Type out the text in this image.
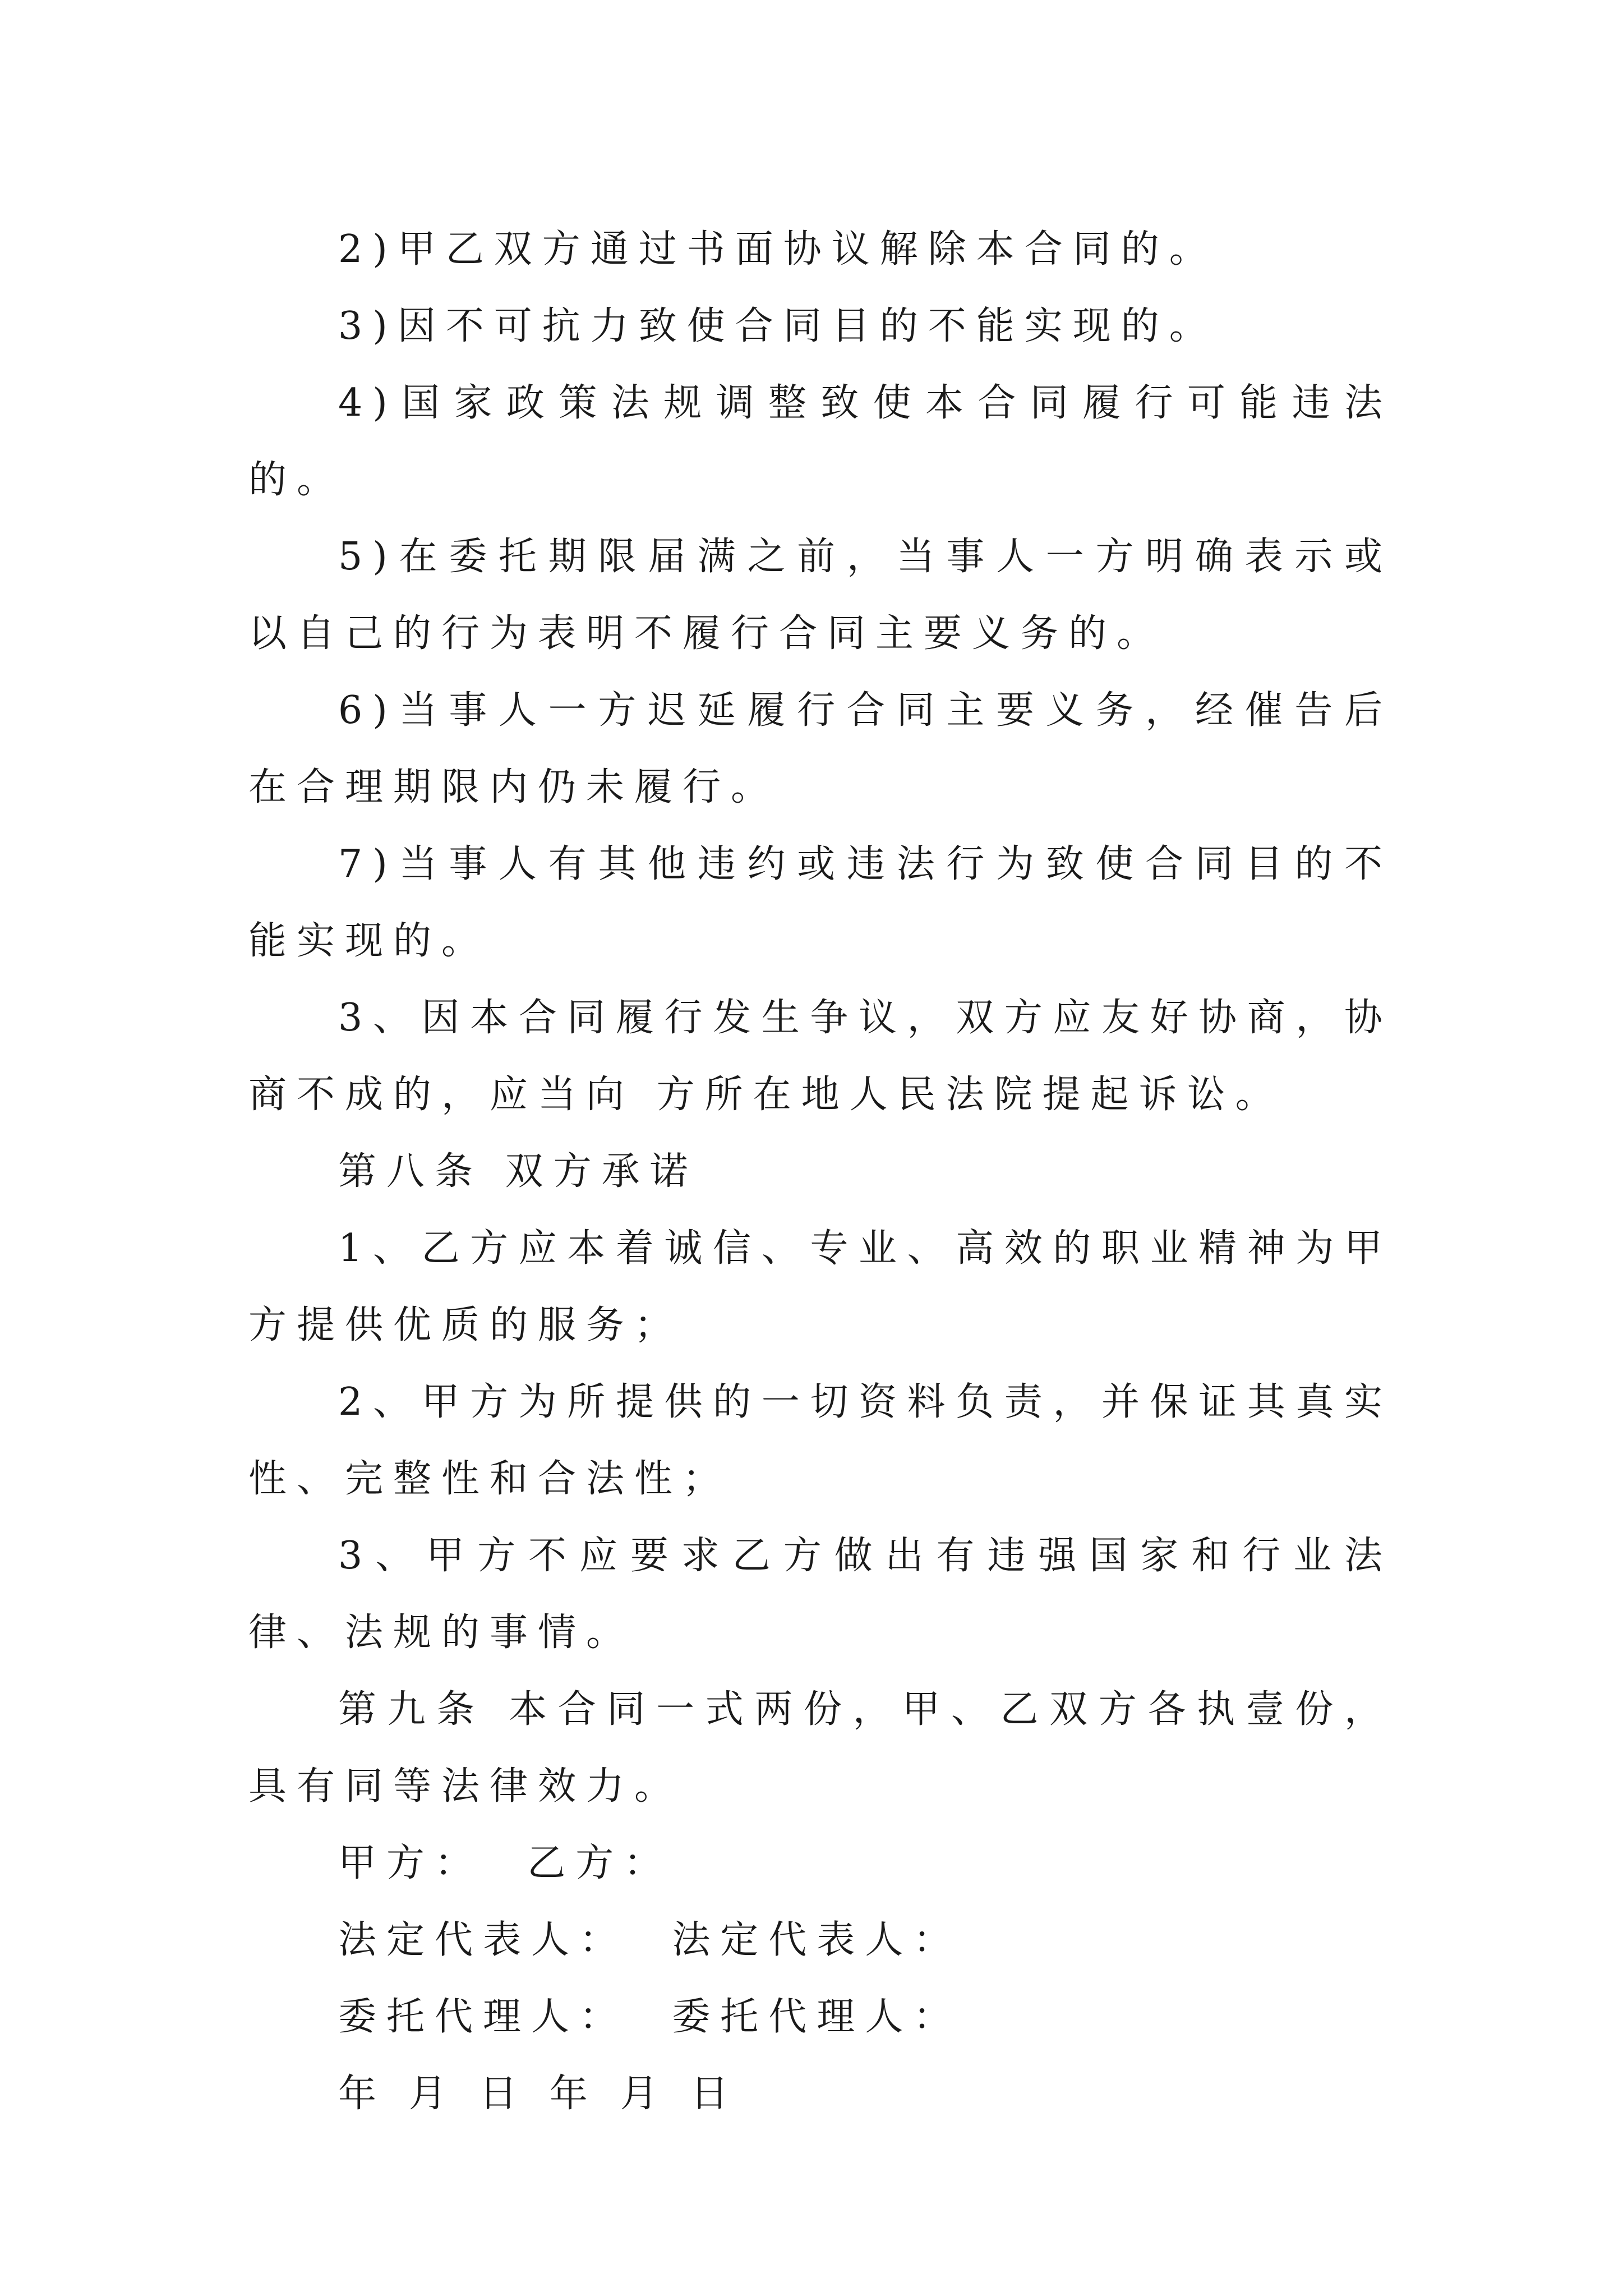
2)甲乙双方通过书面协议解除本合同的。

3)因不可抗力致使合同目的不能实现的。

4)国家政策法规调整致使本合同履行可能违法的。

5)在委托期限届满之前，当事人一方明确表示或以自己的行为表明不履行合同主要义务的。

6)当事人一方迟延履行合同主要义务，经催告后在合理期限内仍未履行。

7)当事人有其他违约或违法行为致使合同目的不能实现的。

3、因本合同履行发生争议，双方应友好协商，协商不成的，应当向 方所在地人民法院提起诉讼。

第八条 双方承诺

1、乙方应本着诚信、专业、高效的职业精神为甲方提供优质的服务；

2、甲方为所提供的一切资料负责，并保证其真实性、完整性和合法性；

3、甲方不应要求乙方做出有违强国家和行业法律、法规的事情。

第九条 本合同一式两份，甲、乙双方各执壹份，具有同等法律效力。

甲方：  乙方：

法定代表人：  法定代表人：

委托代理人：  委托代理人：

年 月 日 年 月 日
